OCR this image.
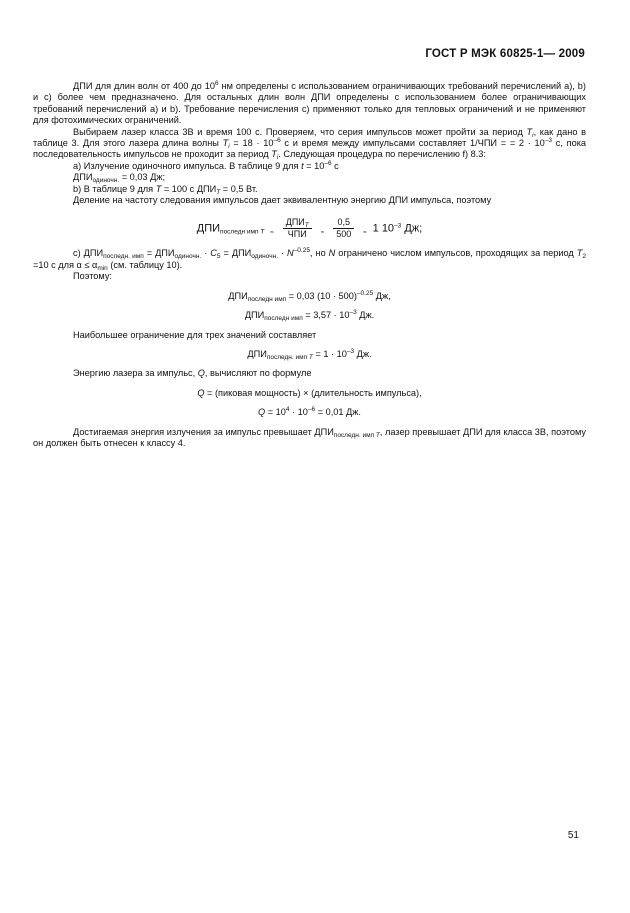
ГОСТ Р МЭК 60825-1— 2009

ДПИ для длин волн от 400 до $10^6$ нм определены с использованием ограничивающих требований перечислений а), b) и с) более чем предназначено. Для остальных длин волн ДПИ определены с использованием более ограничивающих требований перечислений а) и b). Требование перечисления с) применяют только для тепловых ограничений и не применяют для фотохимических ограничений.

Выбираем лазер класса 3В и время 100 с. Проверяем, что серия импульсов может пройти за период $T_i$, как дано в таблице 3. Для этого лазера длина волны $T_i = 18 \cdot 10^{-6}$ с и время между импульсами составляет 1/ЧПИ = = $2 \cdot 10^{-3}$ с, пока последовательность импульсов не проходит за период $T_i$. Следующая процедура по перечислению f) 8.3:

а) Излучение одиночного импульса. В таблице 9 для $t = 10^{-6}$ с

$ДПИ_{одиночн.} = 0,03$ Дж;

b) В таблице 9 для T = 100 с $ДПИ_T = 0,5$ Вт.

Деление на частоту следования импульсов дает эквивалентную энергию ДПИ импульса, поэтому

$ДПИ_{последн имп T} \approx \frac{ДПИ_T}{\text{ЧПИ}} \approx \frac{0,5}{500} \approx 1$ $10^{-3}$ Дж;

с) $ДПИ_{последн. имп} = ДПИ_{одиночн.} \cdot C_5 = ДПИ_{одиночн.} \cdot N^{-0.25}$, но N ограничено числом импульсов, проходящих за период $T_2 =10$ с для $\alpha \le \alpha_{min}$ (см. таблицу 10).

Поэтому:

$ДПИ_{последн имп} = 0,03$ $(10 \cdot 500)^{-0.25}$ Дж,

$ДПИ_{последн имп} = 3,57 \cdot 10^{-3}$ Дж.

Наибольшее ограничение для трех значений составляет

$ДПИ_{последн. имп T} = 1 \cdot 10^{-3}$ Дж.

Энергию лазера за импульс, Q, вычисляют по формуле

Q = (пиковая мощность) × (длительность импульса),

$Q = 10^4 \cdot 10^{-6} = 0,01$ Дж.

Достигаемая энергия излучения за импульс превышает $ДПИ_{последн. имп T}$, лазер превышает ДПИ для класса 3В, поэтому он должен быть отнесен к классу 4.

51
